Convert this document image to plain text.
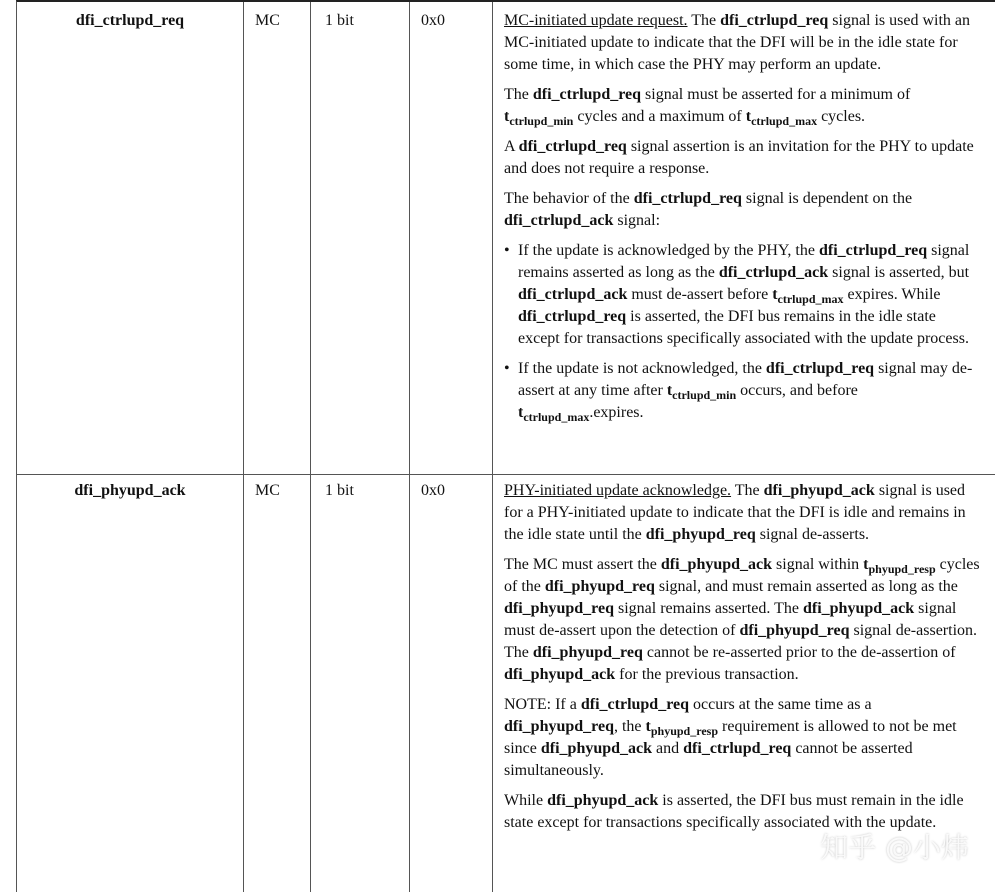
dfi_ctrlupd_req	MC	1 bit	0x0	MC-initiated update request. The dfi_ctrlupd_req signal is used with an MC-initiated update to indicate that the DFI will be in the idle state for some time, in which case the PHY may perform an update.

The dfi_ctrlupd_req signal must be asserted for a minimum of $t_{ctrlupd\_min}$ cycles and a maximum of $t_{ctrlupd\_max}$ cycles.

A dfi_ctrlupd_req signal assertion is an invitation for the PHY to update and does not require a response.

The behavior of the dfi_ctrlupd_req signal is dependent on the dfi_ctrlupd_ack signal:

• If the update is acknowledged by the PHY, the dfi_ctrlupd_req signal remains asserted as long as the dfi_ctrlupd_ack signal is asserted, but dfi_ctrlupd_ack must de-assert before $t_{ctrlupd\_max}$ expires. While dfi_ctrlupd_req is asserted, the DFI bus remains in the idle state except for transactions specifically associated with the update process.
• If the update is not acknowledged, the dfi_ctrlupd_req signal may de-assert at any time after $t_{ctrlupd\_min}$ occurs, and before $t_{ctrlupd\_max}.expires$.
dfi_phyupd_ack	MC	1 bit	0x0	PHY-initiated update acknowledge. The dfi_phyupd_ack signal is used for a PHY-initiated update to indicate that the DFI is idle and remains in the idle state until the dfi_phyupd_req signal de-asserts.

The MC must assert the dfi_phyupd_ack signal within $t_{phyupd\_resp}$ cycles of the dfi_phyupd_req signal, and must remain asserted as long as the dfi_phyupd_req signal remains asserted. The dfi_phyupd_ack signal must de-assert upon the detection of dfi_phyupd_req signal de-assertion. The dfi_phyupd_req cannot be re-asserted prior to the de-assertion of dfi_phyupd_ack for the previous transaction.

NOTE: If a dfi_ctrlupd_req occurs at the same time as a dfi_phyupd_req, the $t_{phyupd\_resp}$ requirement is allowed to not be met since dfi_phyupd_ack and dfi_ctrlupd_req cannot be asserted simultaneously.

While dfi_phyupd_ack is asserted, the DFI bus must remain in the idle state except for transactions specifically associated with the update.

知乎 @小炜
